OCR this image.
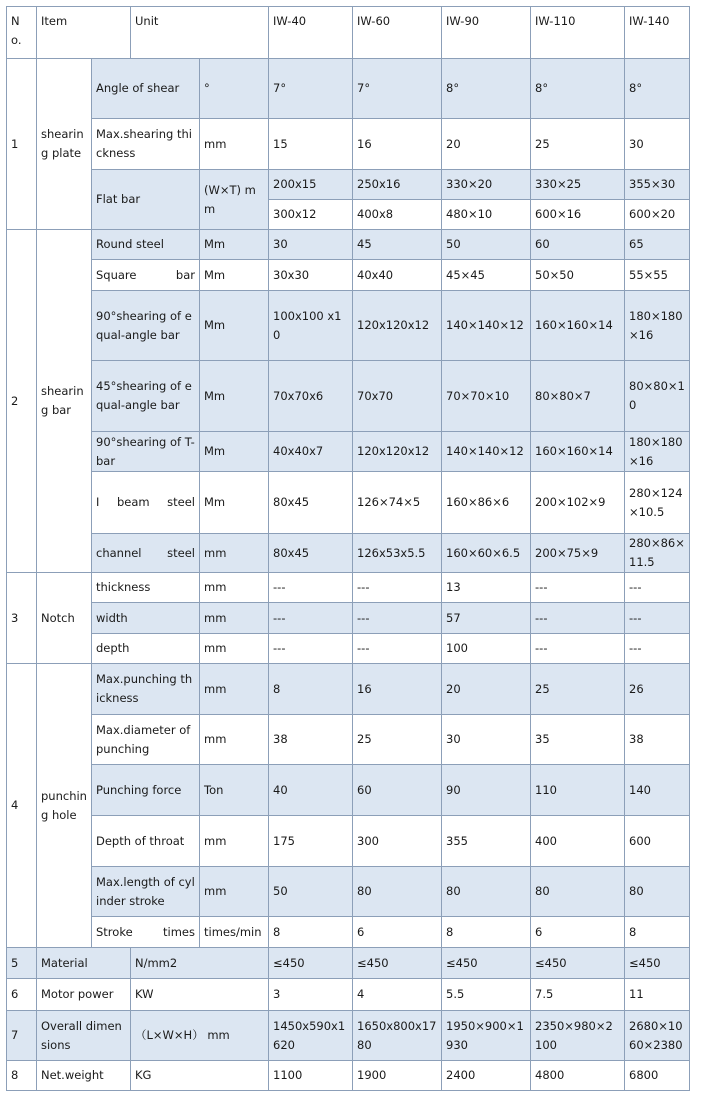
N o.	Item		Unit		IW-40	IW-60	IW-90	IW-110	IW-140
1	shearing plate	Angle of shear		°	7°	7°	8°	8°	8°
		Max.shearing thickness		mm	15	16	20	25	30
		Flat bar		(W×T) mm	200x15	250x16	330×20	330×25	355×30
					300x12	400x8	480×10	600×16	600×20
2	shearing bar	Round steel		Mm	30	45	50	60	65
		Square bar		Mm	30x30	40x40	45×45	50×50	55×55
		90°shearing of equal-angle bar		Mm	100x100 x10	120x120x12	140×140×12	160×160×14	180×180×16
		45°shearing of equal-angle bar		Mm	70x70x6	70x70	70×70×10	80×80×7	80×80×10
		90°shearing of T-bar		Mm	40x40x7	120x120x12	140×140×12	160×160×14	180×180×16
		I beam steel		Mm	80x45	126×74×5	160×86×6	200×102×9	280×124×10.5
		channel steel		mm	80x45	126x53x5.5	160×60×6.5	200×75×9	280×86×11.5
3	Notch	thickness		mm	---	---	13	---	---
		width		mm	---	---	57	---	---
		depth		mm	---	---	100	---	---
4	punching hole	Max.punching thickness		mm	8	16	20	25	26
		Max.diameter of punching		mm	38	25	30	35	38
		Punching force		Ton	40	60	90	110	140
		Depth of throat		mm	175	300	355	400	600
		Max.length of cylinder stroke		mm	50	80	80	80	80
		Stroke times		times/min	8	6	8	6	8
5	Material		N/mm2		≤450	≤450	≤450	≤450	≤450
6	Motor power		KW		3	4	5.5	7.5	11
7	Overall dimensions		（L×W×H） mm		1450x590x1620	1650x800x1780	1950×900×1930	2350×980×2100	2680×1060×2380
8	Net.weight		KG		1100	1900	2400	4800	6800
